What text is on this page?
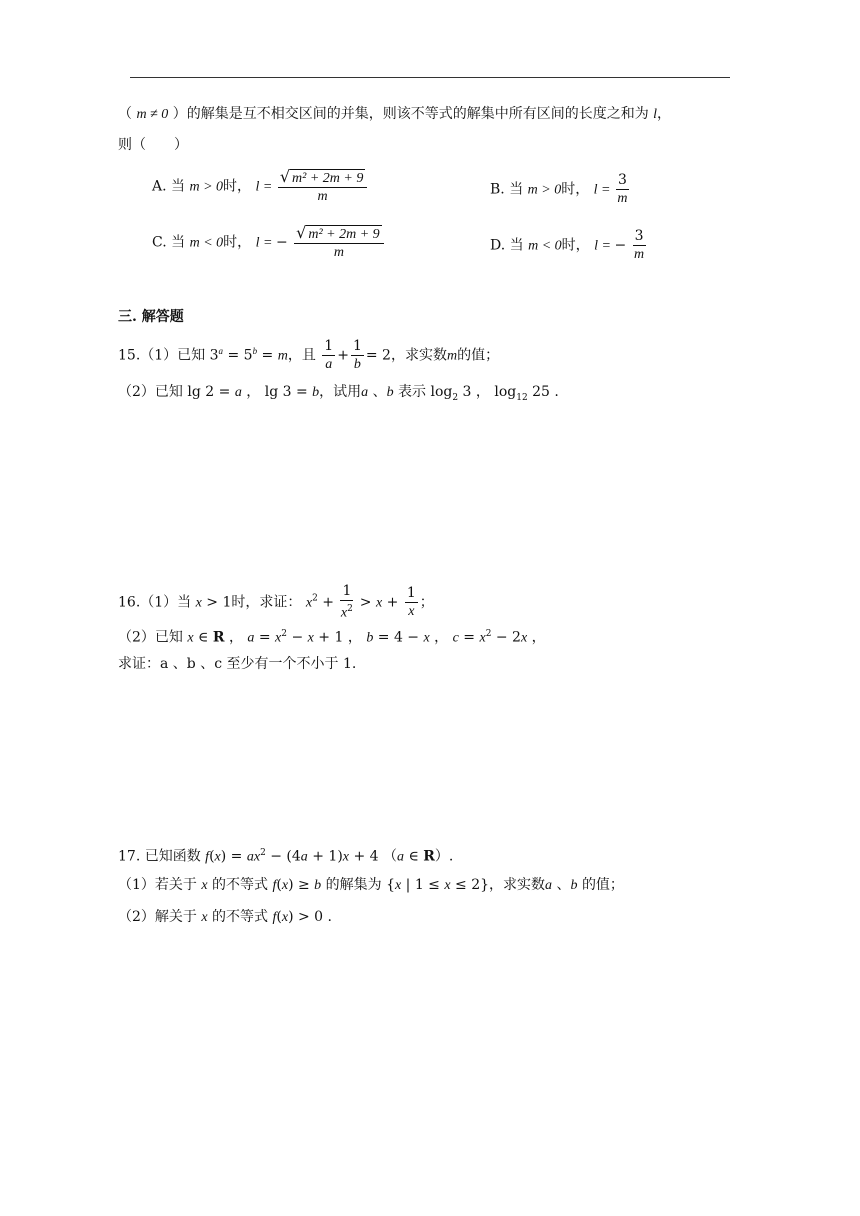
（ m ≠ 0 ）的解集是互不相交区间的并集，则该不等式的解集中所有区间的长度之和为 l，
则（　　）
A. 当 m > 0时， $l = \frac{\text{√ m² + 2m + 9}}{m}$	B. 当 m > 0时， $l = \frac{3}{m}$
C. 当 m < 0时， l = − $\frac{\text{√ m² + 2m + 9}}{m}$	D. 当 m < 0时， l = − $\frac{3}{m}$
三. 解答题
15.（1）已知 $3^a = 5^b = m$，且 $\frac{1}{a} + \frac{1}{b} = 2$，求实数m的值；
（2）已知 lg 2 = a ， lg 3 = b，试用a 、b 表示 $\log_2 3$ ， $\log_{12} 25$ .
16.（1）当 x > 1时，求证： $x^2 + \frac{1}{x^2} > x + \frac{1}{x}$ ；
（2）已知 x ∈ R ， $a = x^2 - x + 1$ ， b = 4 − x ， $c = x^2 - 2x$ ，
求证：a 、b 、c 至少有一个不小于 1.
17. 已知函数 $f(x) = ax^2 - (4a + 1)x + 4$ （a ∈ R）.
（1）若关于 x 的不等式 f(x) ≥ b 的解集为 {x | 1 ≤ x ≤ 2}，求实数a 、b 的值；
（2）解关于 x 的不等式 f(x) > 0 .
